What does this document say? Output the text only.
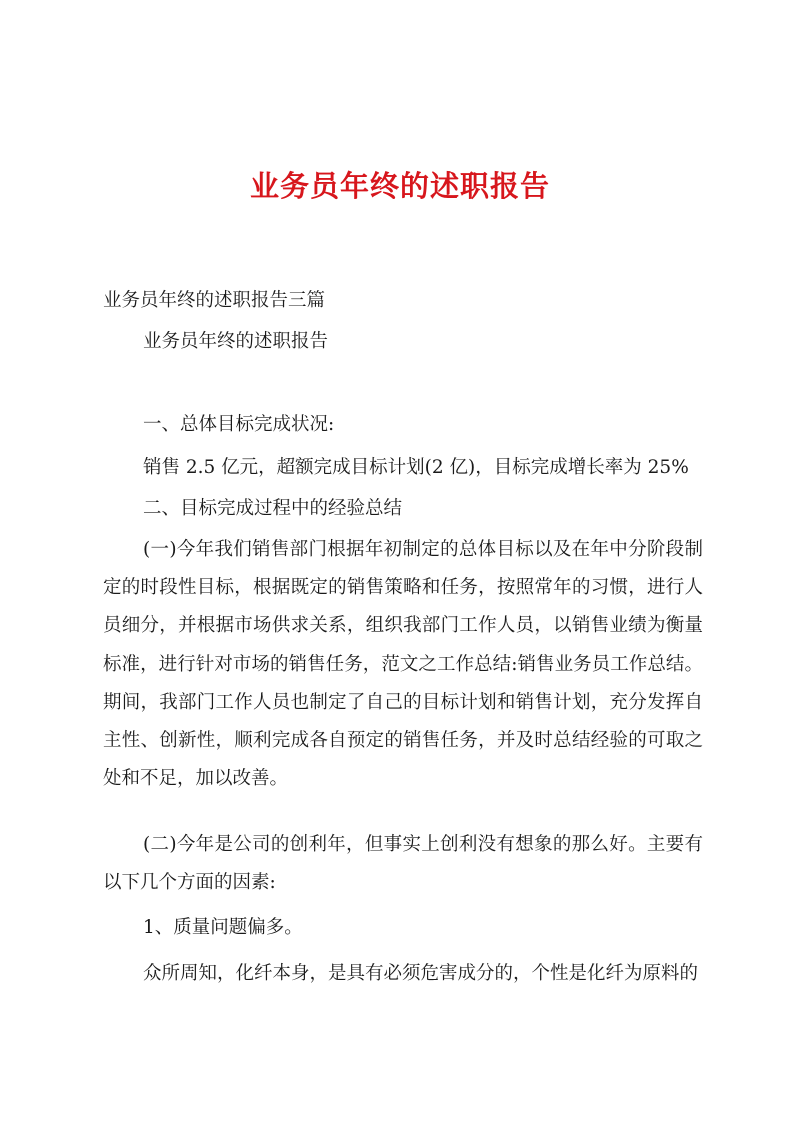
业务员年终的述职报告
业务员年终的述职报告三篇
业务员年终的述职报告
一、总体目标完成状况:
销售 2.5 亿元，超额完成目标计划(2 亿)，目标完成增长率为 25%
二、目标完成过程中的经验总结
(一)今年我们销售部门根据年初制定的总体目标以及在年中分阶段制定的时段性目标，根据既定的销售策略和任务，按照常年的习惯，进行人员细分，并根据市场供求关系，组织我部门工作人员，以销售业绩为衡量标准，进行针对市场的销售任务，范文之工作总结:销售业务员工作总结。期间，我部门工作人员也制定了自己的目标计划和销售计划，充分发挥自主性、创新性，顺利完成各自预定的销售任务，并及时总结经验的可取之处和不足，加以改善。
(二)今年是公司的创利年，但事实上创利没有想象的那么好。主要有以下几个方面的因素:
1、质量问题偏多。
众所周知，化纤本身，是具有必须危害成分的，个性是化纤为原料的
